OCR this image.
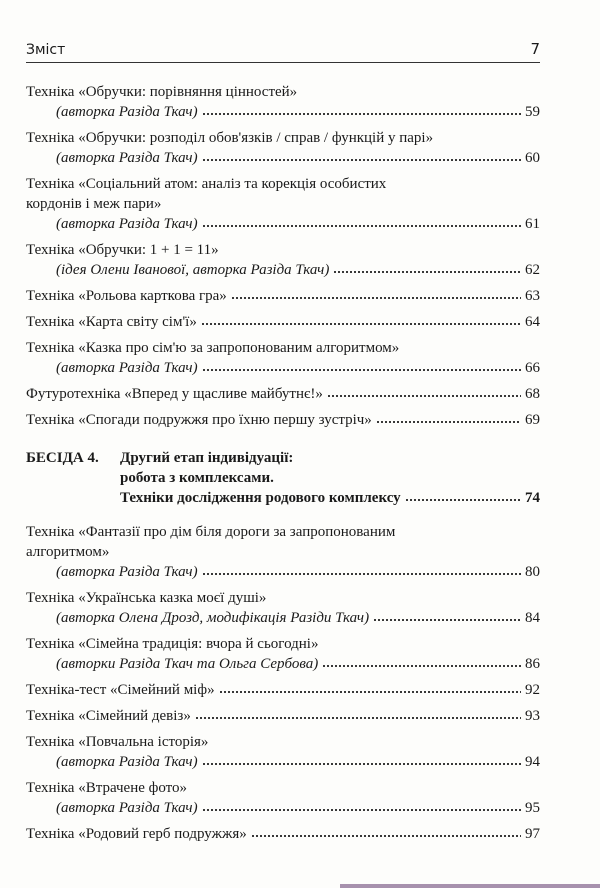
Зміст	7
Техніка «Обручки: порівняння цінностей»
(авторка Разіда Ткач)	59
Техніка «Обручки: розподіл обов'язків / справ / функцій у парі»
(авторка Разіда Ткач)	60
Техніка «Соціальний атом: аналіз та корекція особистих
кордонів і меж пари»
(авторка Разіда Ткач)	61
Техніка «Обручки: 1 + 1 = 11»
(ідея Олени Іванової, авторка Разіда Ткач)	62
Техніка «Рольова карткова гра»	63
Техніка «Карта світу сім'ї»	64
Техніка «Казка про сім'ю за запропонованим алгоритмом»
(авторка Разіда Ткач)	66
Футуротехніка «Вперед у щасливе майбутнє!»	68
Техніка «Спогади подружжя про їхню першу зустріч»	69
БЕСІДА 4.	Другий етап індивідуації:
робота з комплексами.
Техніки дослідження родового комплексу	74
Техніка «Фантазії про дім біля дороги за запропонованим
алгоритмом»
(авторка Разіда Ткач)	80
Техніка «Українська казка моєї душі»
(авторка Олена Дрозд, модифікація Разіди Ткач)	84
Техніка «Сімейна традиція: вчора й сьогодні»
(авторки Разіда Ткач та Ольга Сербова)	86
Техніка-тест «Сімейний міф»	92
Техніка «Сімейний девіз»	93
Техніка «Повчальна історія»
(авторка Разіда Ткач)	94
Техніка «Втрачене фото»
(авторка Разіда Ткач)	95
Техніка «Родовий герб подружжя»	97
